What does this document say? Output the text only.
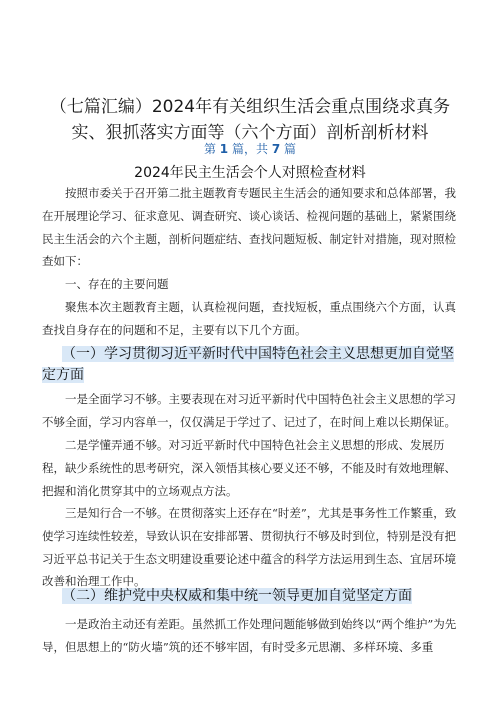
（七篇汇编）2024年有关组织生活会重点围绕求真务
实、狠抓落实方面等（六个方面）剖析剖析材料
第 1 篇，共 7 篇
2024年民主生活会个人对照检查材料

按照市委关于召开第二批主题教育专题民主生活会的通知要求和总体部署，我在开展理论学习、征求意见、调查研究、谈心谈话、检视问题的基础上，紧紧围绕民主生活会的六个主题，剖析问题症结、查找问题短板、制定针对措施，现对照检查如下：

一、存在的主要问题

聚焦本次主题教育主题，认真检视问题，查找短板，重点围绕六个方面，认真查找自身存在的问题和不足，主要有以下几个方面。

（一）学习贯彻习近平新时代中国特色社会主义思想更加自觉坚定方面

一是全面学习不够。主要表现在对习近平新时代中国特色社会主义思想的学习不够全面，学习内容单一，仅仅满足于学过了、记过了，在时间上难以长期保证。

二是学懂弄通不够。对习近平新时代中国特色社会主义思想的形成、发展历程，缺少系统性的思考研究，深入领悟其核心要义还不够，不能及时有效地理解、把握和消化贯穿其中的立场观点方法。

三是知行合一不够。在贯彻落实上还存在“时差”，尤其是事务性工作繁重，致使学习连续性较差，导致认识在安排部署、贯彻执行不够及时到位，特别是没有把习近平总书记关于生态文明建设重要论述中蕴含的科学方法运用到生态、宜居环境改善和治理工作中。

（二）维护党中央权威和集中统一领导更加自觉坚定方面

一是政治主动还有差距。虽然抓工作处理问题能够做到始终以“两个维护”为先导，但思想上的“防火墙”筑的还不够牢固，有时受多元思潮、多样环境、多重
